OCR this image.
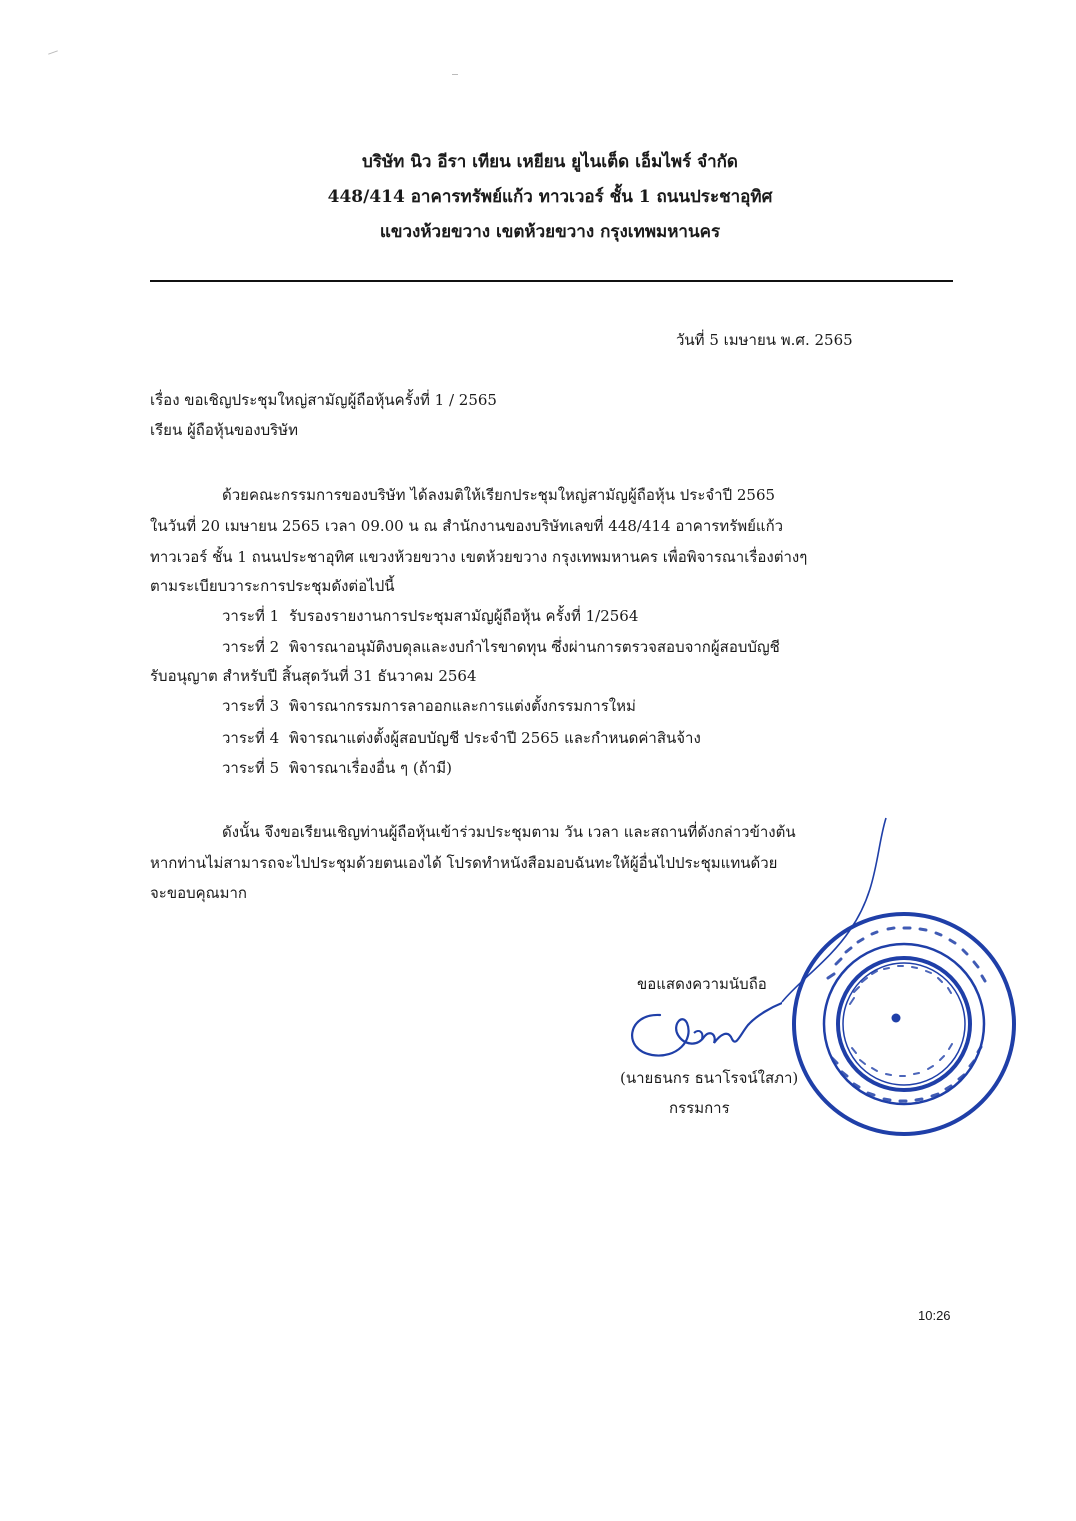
บริษัท นิว อีรา เทียน เหยียน ยูไนเต็ด เอ็มไพร์ จำกัด
448/414 อาคารทรัพย์แก้ว ทาวเวอร์ ชั้น 1 ถนนประชาอุทิศ
แขวงห้วยขวาง เขตห้วยขวาง กรุงเทพมหานคร
วันที่ 5 เมษายน พ.ศ. 2565
เรื่อง ขอเชิญประชุมใหญ่สามัญผู้ถือหุ้นครั้งที่ 1 / 2565
เรียน ผู้ถือหุ้นของบริษัท
ด้วยคณะกรรมการของบริษัท ได้ลงมติให้เรียกประชุมใหญ่สามัญผู้ถือหุ้น ประจำปี 2565
ในวันที่ 20 เมษายน 2565 เวลา 09.00 น ณ สำนักงานของบริษัทเลขที่ 448/414 อาคารทรัพย์แก้ว
ทาวเวอร์ ชั้น 1 ถนนประชาอุทิศ แขวงห้วยขวาง เขตห้วยขวาง กรุงเทพมหานคร เพื่อพิจารณาเรื่องต่างๆ
ตามระเบียบวาระการประชุมดังต่อไปนี้
วาระที่ 1 รับรองรายงานการประชุมสามัญผู้ถือหุ้น ครั้งที่ 1/2564
วาระที่ 2 พิจารณาอนุมัติงบดุลและงบกำไรขาดทุน ซึ่งผ่านการตรวจสอบจากผู้สอบบัญชี
รับอนุญาต สำหรับปี สิ้นสุดวันที่ 31 ธันวาคม 2564
วาระที่ 3 พิจารณากรรมการลาออกและการแต่งตั้งกรรมการใหม่
วาระที่ 4 พิจารณาแต่งตั้งผู้สอบบัญชี ประจำปี 2565 และกำหนดค่าสินจ้าง
วาระที่ 5 พิจารณาเรื่องอื่น ๆ (ถ้ามี)
ดังนั้น จึงขอเรียนเชิญท่านผู้ถือหุ้นเข้าร่วมประชุมตาม วัน เวลา และสถานที่ดังกล่าวข้างต้น
หากท่านไม่สามารถจะไปประชุมด้วยตนเองได้ โปรดทำหนังสือมอบฉันทะให้ผู้อื่นไปประชุมแทนด้วย
จะขอบคุณมาก
ขอแสดงความนับถือ
(นายธนกร ธนาโรจน์ใสภา)
กรรมการ
10:26
